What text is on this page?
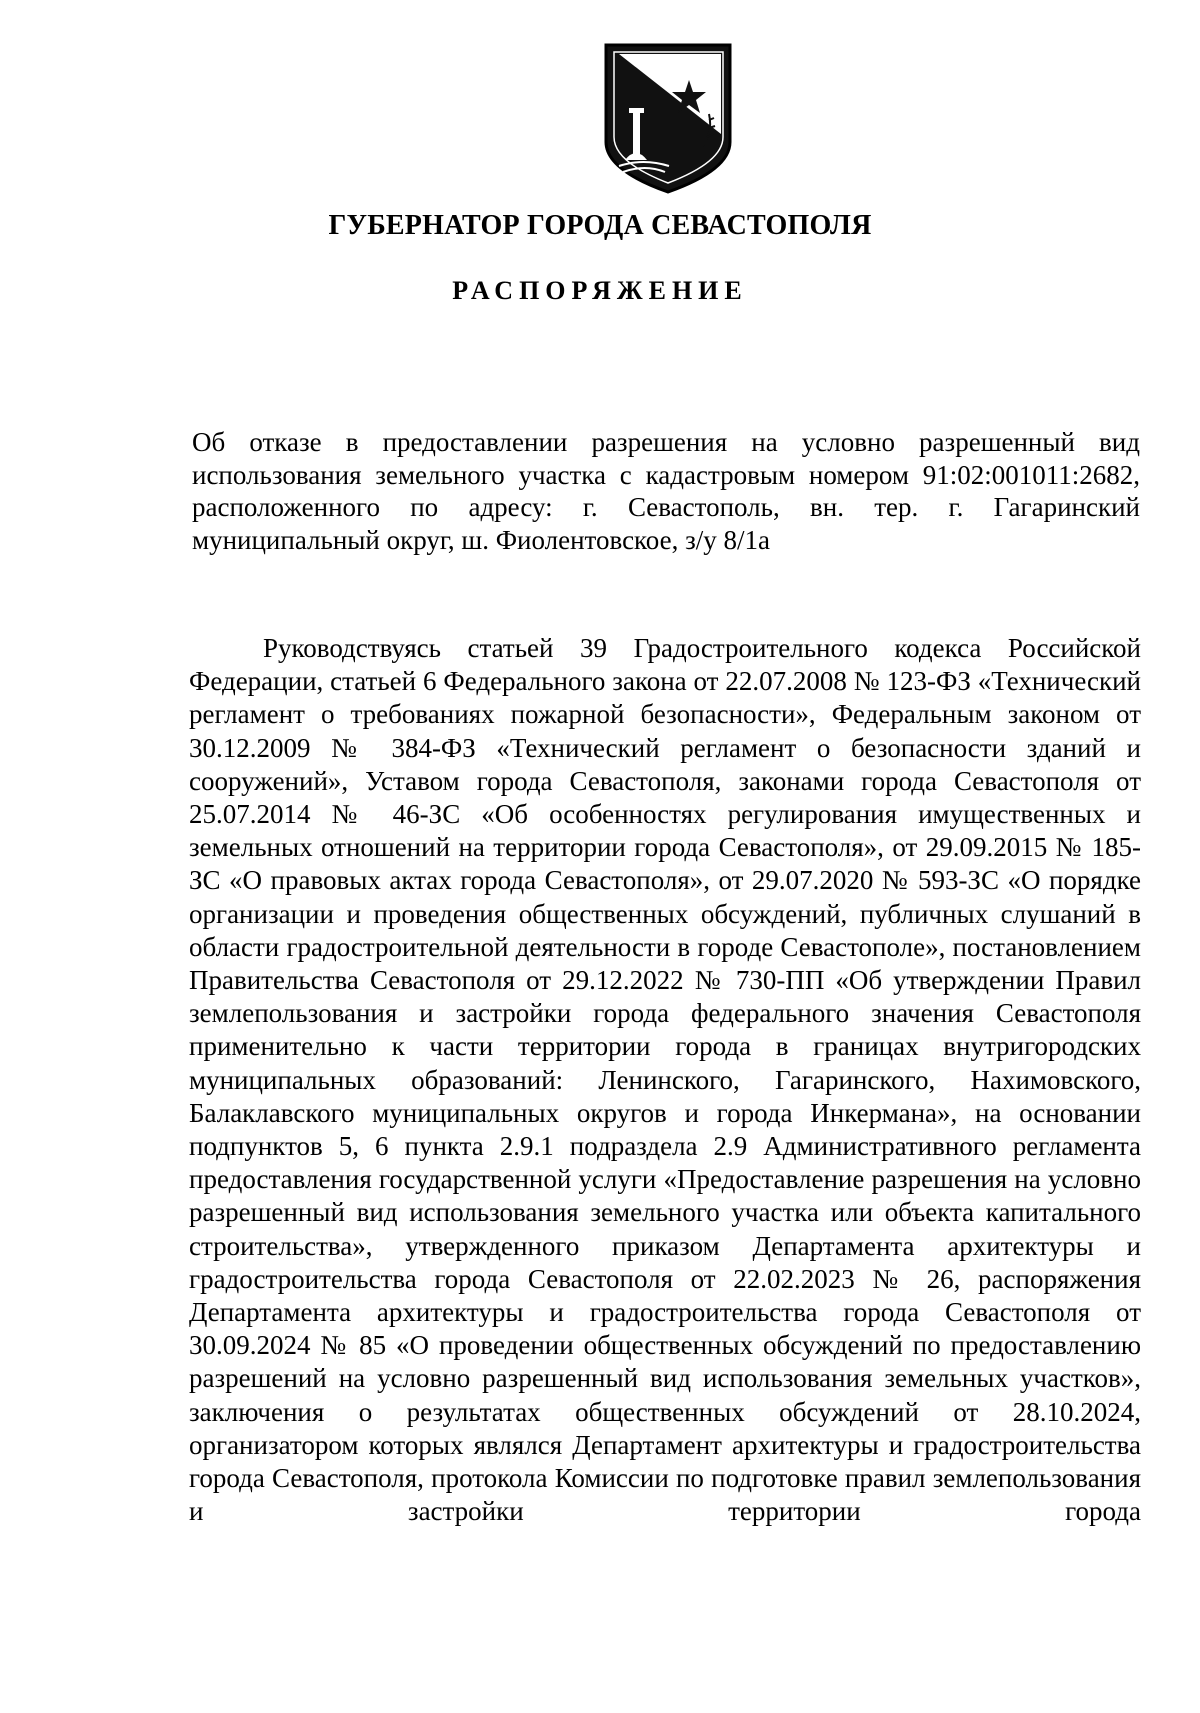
ГУБЕРНАТОР ГОРОДА СЕВАСТОПОЛЯ
РАСПОРЯЖЕНИЕ
Об отказе в предоставлении разрешения на условно разрешенный вид использования земельного участка с кадастровым номером 91:02:001011:2682, расположенного по адресу: г. Севастополь, вн. тер. г. Гагаринский муниципальный округ, ш. Фиолентовское, з/у 8/1а

Руководствуясь статьей 39 Градостроительного кодекса Российской Федерации, статьей 6 Федерального закона от 22.07.2008 № 123-ФЗ «Технический регламент о требованиях пожарной безопасности», Федеральным законом от 30.12.2009 № 384-ФЗ «Технический регламент о безопасности зданий и сооружений», Уставом города Севастополя, законами города Севастополя от 25.07.2014 № 46-ЗС «Об особенностях регулирования имущественных и земельных отношений на территории города Севастополя», от 29.09.2015 № 185-ЗС «О правовых актах города Севастополя», от 29.07.2020 № 593-ЗС «О порядке организации и проведения общественных обсуждений, публичных слушаний в области градостроительной деятельности в городе Севастополе», постановлением Правительства Севастополя от 29.12.2022 № 730-ПП «Об утверждении Правил землепользования и застройки города федерального значения Севастополя применительно к части территории города в границах внутригородских муниципальных образований: Ленинского, Гагаринского, Нахимовского, Балаклавского муниципальных округов и города Инкермана», на основании подпунктов 5, 6 пункта 2.9.1 подраздела 2.9 Административного регламента предоставления государственной услуги «Предоставление разрешения на условно разрешенный вид использования земельного участка или объекта капитального строительства», утвержденного приказом Департамента архитектуры и градостроительства города Севастополя от 22.02.2023 № 26, распоряжения Департамента архитектуры и градостроительства города Севастополя от 30.09.2024 № 85 «О проведении общественных обсуждений по предоставлению разрешений на условно разрешенный вид использования земельных участков», заключения о результатах общественных обсуждений от 28.10.2024, организатором которых являлся Департамент архитектуры и градостроительства города Севастополя, протокола Комиссии по подготовке правил землепользования и застройки территории города
